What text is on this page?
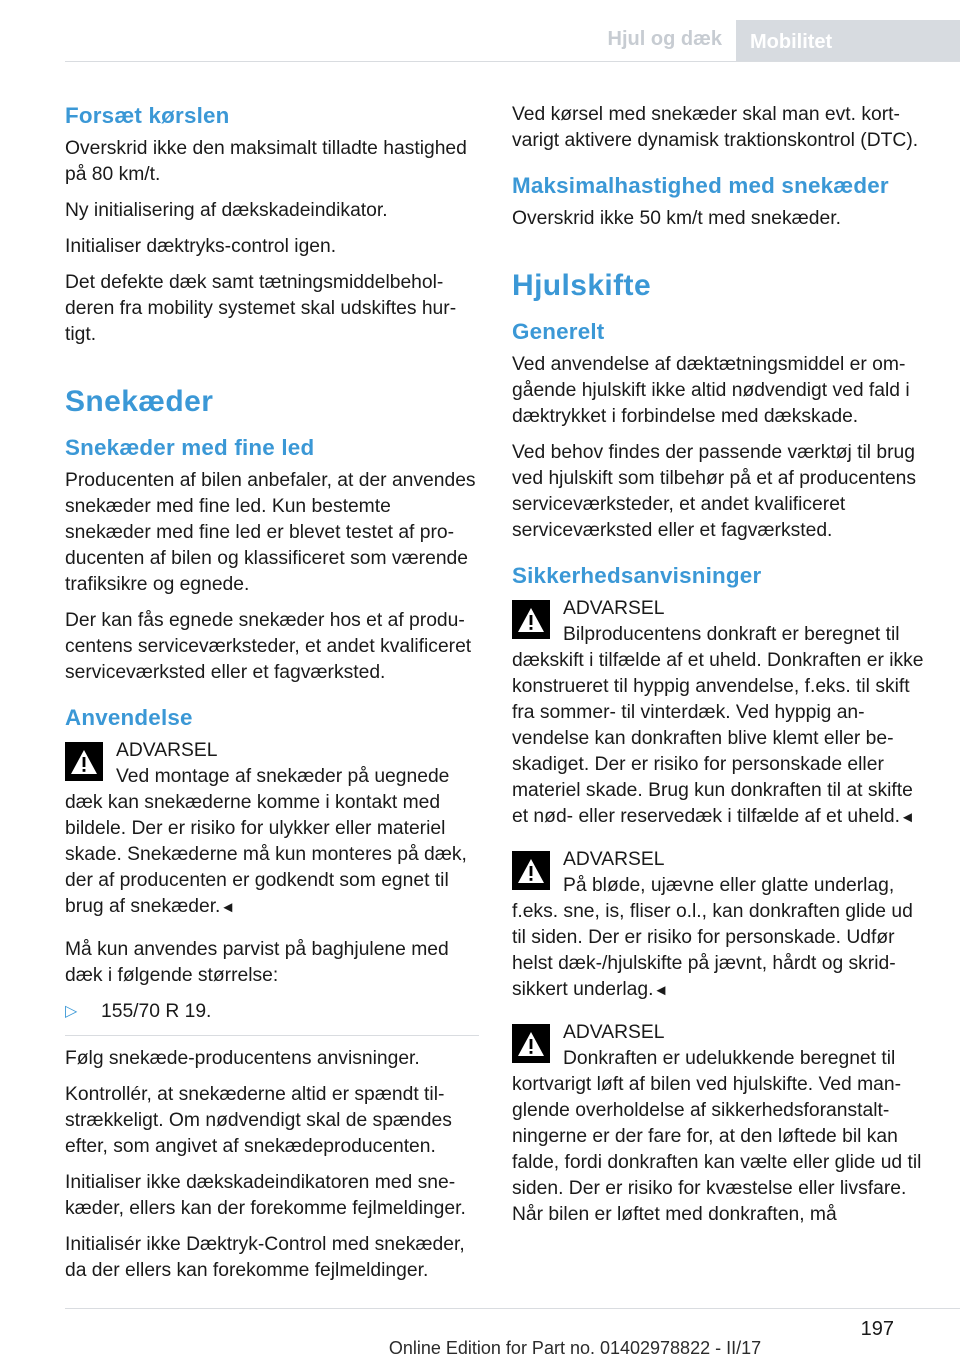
Hjul og dæk	Mobilitet
Forsæt kørslen
Overskrid ikke den maksimalt tilladte hastighed på 80 km/t.
Ny initialisering af dækskadeindikator.
Initialiser dæktryks-control igen.
Det defekte dæk samt tætningsmiddelbeholderen fra mobility systemet skal udskiftes hurtigt.
Snekæder
Snekæder med fine led
Producenten af bilen anbefaler, at der anvendes snekæder med fine led. Kun bestemte snekæder med fine led er blevet testet af producenten af bilen og klassificeret som værende trafiksikre og egnede.
Der kan fås egnede snekæder hos et af producentens serviceværksteder, et andet kvalificeret serviceværksted eller et fagværksted.
Anvendelse
ADVARSEL
Ved montage af snekæder på uegnede dæk kan snekæderne komme i kontakt med bildele. Der er risiko for ulykker eller materiel skade. Snekæderne må kun monteres på dæk, der af producenten er godkendt som egnet til brug af snekæder.◄
Må kun anvendes parvist på baghjulene med dæk i følgende størrelse:
▷ 155/70 R 19.
Følg snekæde-producentens anvisninger.
Kontrollér, at snekæderne altid er spændt tilstrækkeligt. Om nødvendigt skal de spændes efter, som angivet af snekædeproducenten.
Initialiser ikke dækskadeindikatoren med snekæder, ellers kan der forekomme fejlmeldinger.
Initialisér ikke Dæktryk-Control med snekæder, da der ellers kan forekomme fejlmeldinger.
Ved kørsel med snekæder skal man evt. kortvarigt aktivere dynamisk traktionskontrol (DTC).
Maksimalhastighed med snekæder
Overskrid ikke 50 km/t med snekæder.
Hjulskifte
Generelt
Ved anvendelse af dæktætningsmiddel er omgående hjulskift ikke altid nødvendigt ved fald i dæktrykket i forbindelse med dækskade.
Ved behov findes der passende værktøj til brug ved hjulskift som tilbehør på et af producentens serviceværksteder, et andet kvalificeret serviceværksted eller et fagværksted.
Sikkerhedsanvisninger
ADVARSEL
Bilproducentens donkraft er beregnet til dækskift i tilfælde af et uheld. Donkraften er ikke konstrueret til hyppig anvendelse, f.eks. til skift fra sommer- til vinterdæk. Ved hyppig anvendelse kan donkraften blive klemt eller beskadiget. Der er risiko for personskade eller materiel skade. Brug kun donkraften til at skifte et nød- eller reservedæk i tilfælde af et uheld.◄
ADVARSEL
På bløde, ujævne eller glatte underlag, f.eks. sne, is, fliser o.l., kan donkraften glide ud til siden. Der er risiko for personskade. Udfør helst dæk-/hjulskifte på jævnt, hårdt og skridsikkert underlag.◄
ADVARSEL
Donkraften er udelukkende beregnet til kortvarigt løft af bilen ved hjulskifte. Ved manglende overholdelse af sikkerhedsforanstaltningerne er der fare for, at den løftede bil kan falde, fordi donkraften kan vælte eller glide ud til siden. Der er risiko for kvæstelse eller livsfare. Når bilen er løftet med donkraften, må
197
Online Edition for Part no. 01402978822 - II/17
